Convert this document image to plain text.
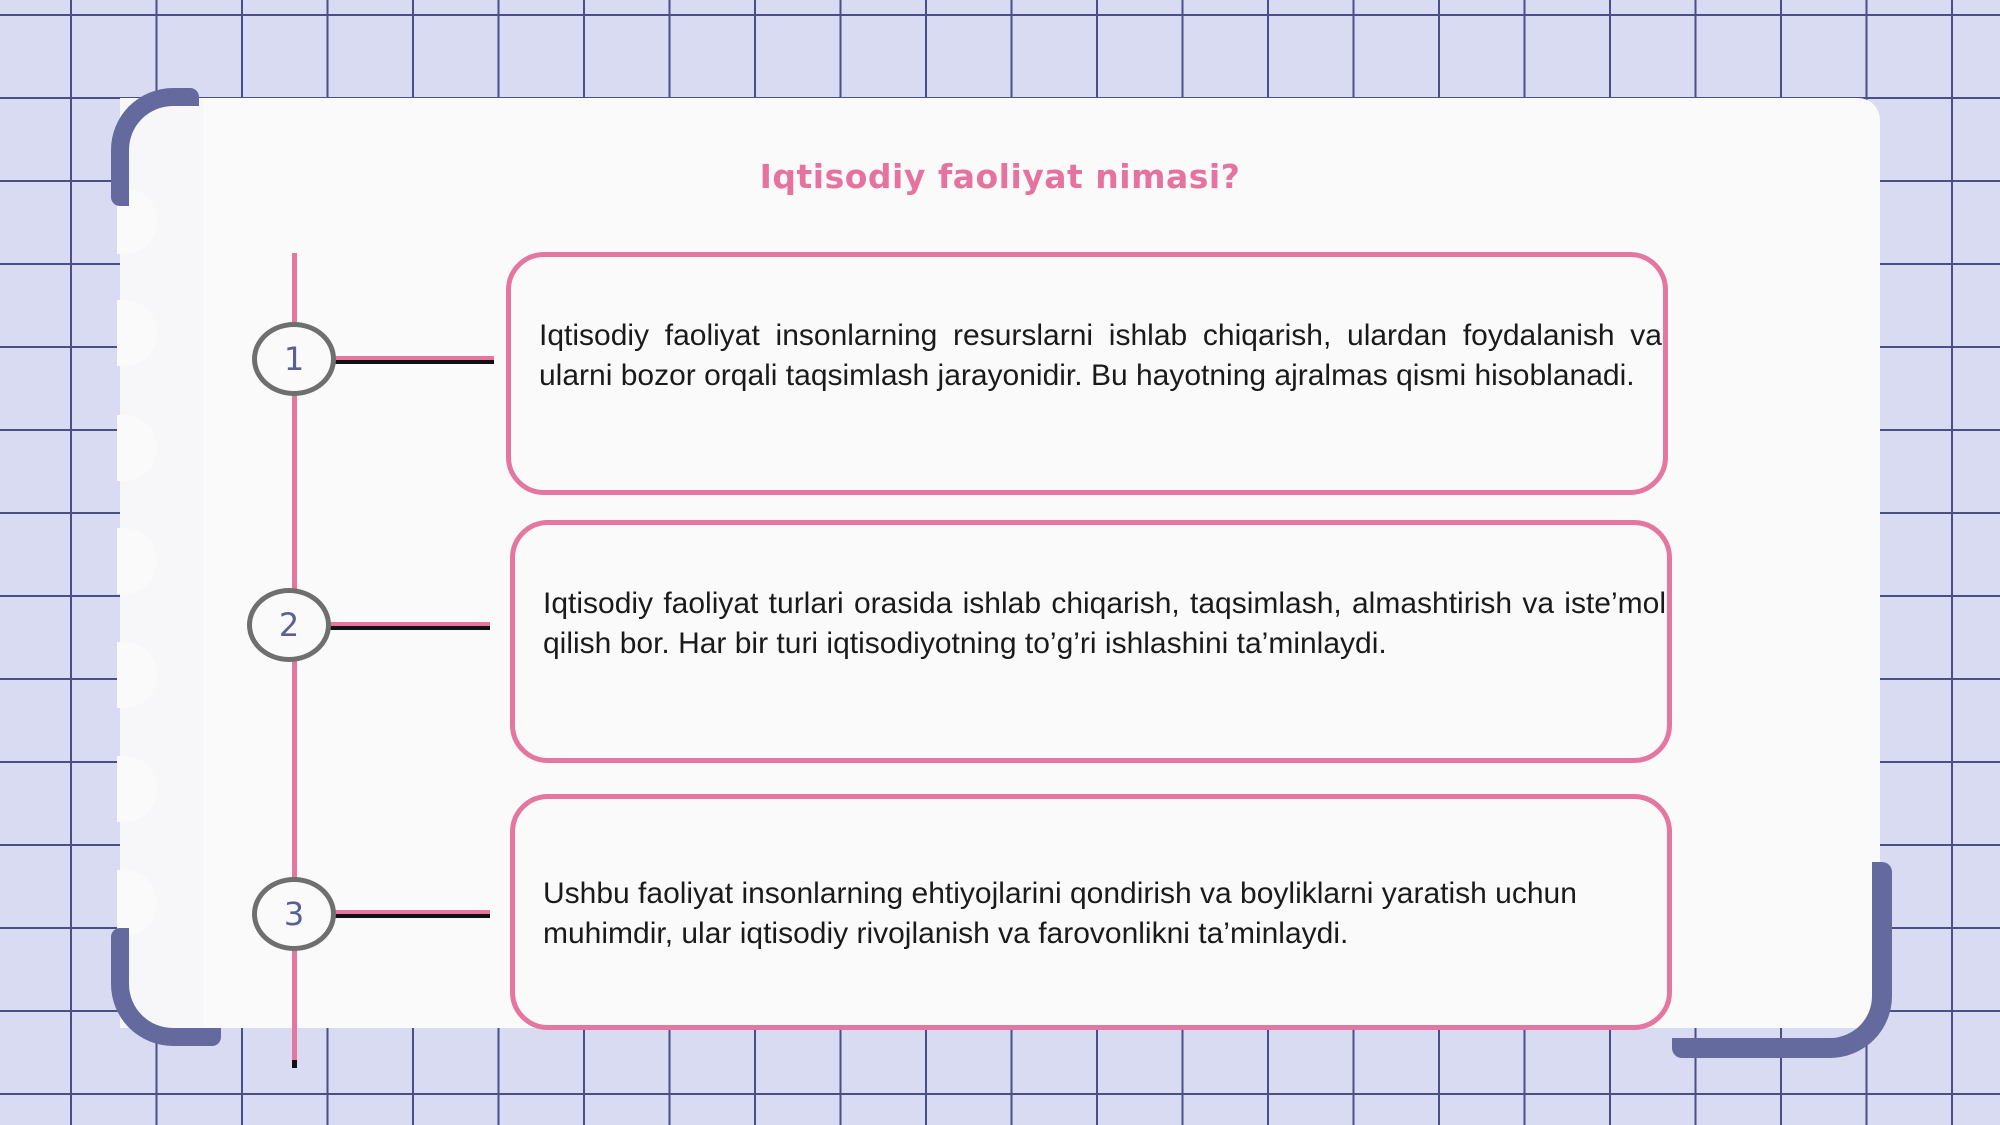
Iqtisodiy faoliyat nimasi?
1
Iqtisodiy faoliyat insonlarning resurslarni ishlab chiqarish, ulardan foydalanish va ularni bozor orqali taqsimlash jarayonidir. Bu hayotning ajralmas qismi hisoblanadi.
2
Iqtisodiy faoliyat turlari orasida ishlab chiqarish, taqsimlash, almashtirish va iste’mol qilish bor. Har bir turi iqtisodiyotning to’g’ri ishlashini ta’minlaydi.
3
Ushbu faoliyat insonlarning ehtiyojlarini qondirish va boyliklarni yaratish uchun muhimdir, ular iqtisodiy rivojlanish va farovonlikni ta’minlaydi.
